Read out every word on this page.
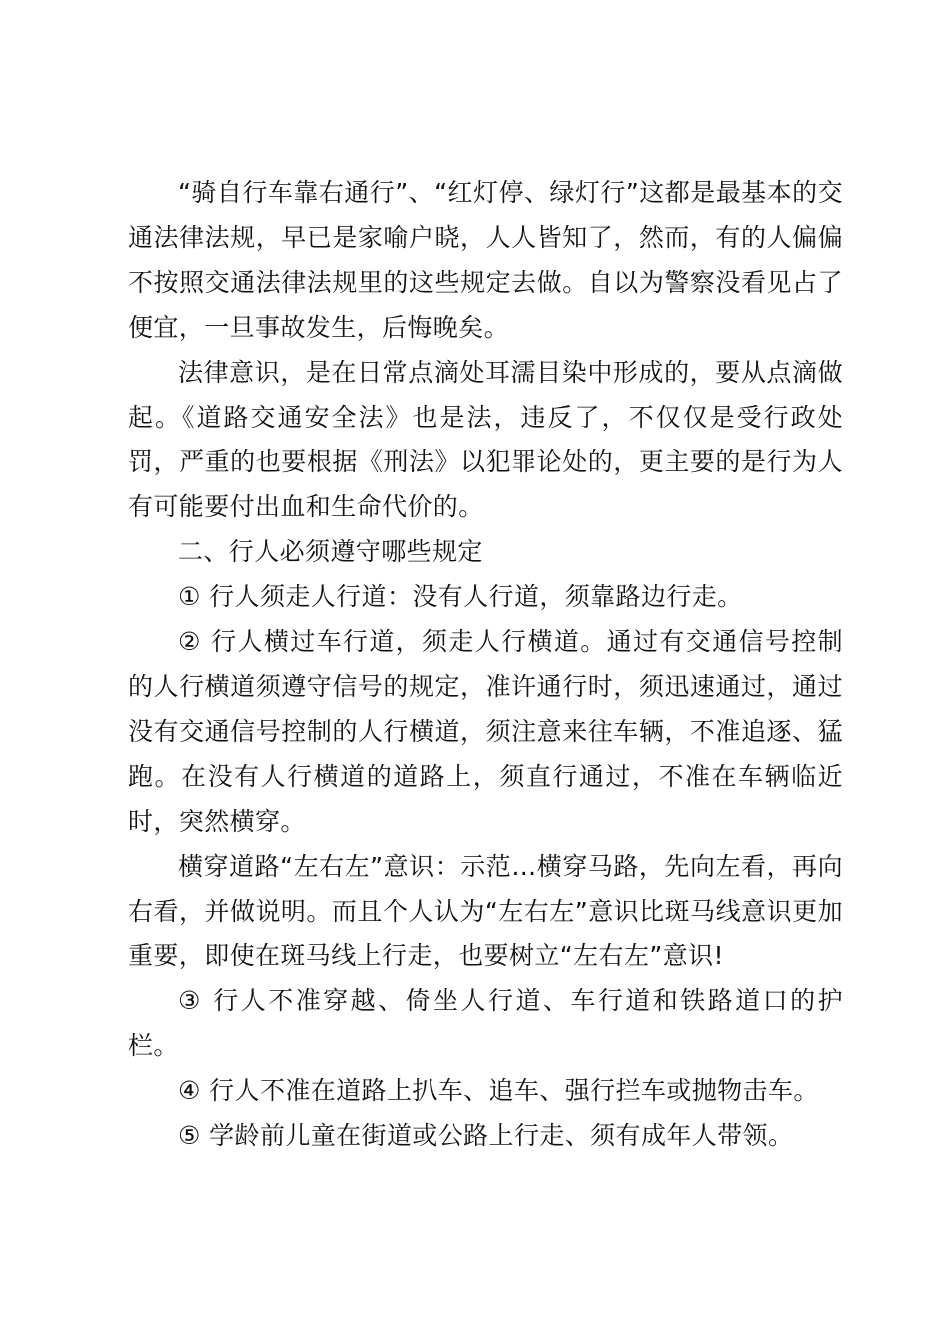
“骑自行车靠右通行”、“红灯停、绿灯行”这都是最基本的交通法律法规，早已是家喻户晓，人人皆知了，然而，有的人偏偏不按照交通法律法规里的这些规定去做。自以为警察没看见占了便宜，一旦事故发生，后悔晚矣。

法律意识，是在日常点滴处耳濡目染中形成的，要从点滴做起。《道路交通安全法》也是法，违反了，不仅仅是受行政处罚，严重的也要根据《刑法》以犯罪论处的，更主要的是行为人有可能要付出血和生命代价的。

二、行人必须遵守哪些规定

① 行人须走人行道：没有人行道，须靠路边行走。

② 行人横过车行道，须走人行横道。通过有交通信号控制的人行横道须遵守信号的规定，准许通行时，须迅速通过，通过没有交通信号控制的人行横道，须注意来往车辆，不准追逐、猛跑。在没有人行横道的道路上，须直行通过，不准在车辆临近时，突然横穿。

横穿道路“左右左”意识：示范…横穿马路，先向左看，再向右看，并做说明。而且个人认为“左右左”意识比斑马线意识更加重要，即使在斑马线上行走，也要树立“左右左”意识!

③ 行人不准穿越、倚坐人行道、车行道和铁路道口的护栏。

④ 行人不准在道路上扒车、追车、强行拦车或抛物击车。

⑤ 学龄前儿童在街道或公路上行走、须有成年人带领。
